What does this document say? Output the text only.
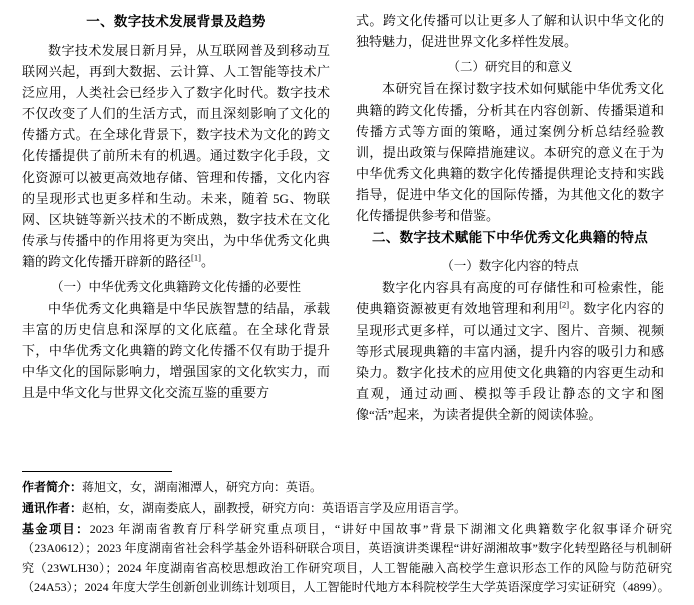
一、数字技术发展背景及趋势

数字技术发展日新月异，从互联网普及到移动互联网兴起，再到大数据、云计算、人工智能等技术广泛应用，人类社会已经步入了数字化时代。数字技术不仅改变了人们的生活方式，而且深刻影响了文化的传播方式。在全球化背景下，数字技术为文化的跨文化传播提供了前所未有的机遇。通过数字化手段，文化资源可以被更高效地存储、管理和传播，文化内容的呈现形式也更多样和生动。未来，随着 5G、物联网、区块链等新兴技术的不断成熟，数字技术在文化传承与传播中的作用将更为突出，为中华优秀文化典籍的跨文化传播开辟新的路径[1]。

（一）中华优秀文化典籍跨文化传播的必要性

中华优秀文化典籍是中华民族智慧的结晶，承载丰富的历史信息和深厚的文化底蕴。在全球化背景下，中华优秀文化典籍的跨文化传播不仅有助于提升中华文化的国际影响力，增强国家的文化软实力，而且是中华文化与世界文化交流互鉴的重要方

式。跨文化传播可以让更多人了解和认识中华文化的独特魅力，促进世界文化多样性发展。

（二）研究目的和意义

本研究旨在探讨数字技术如何赋能中华优秀文化典籍的跨文化传播，分析其在内容创新、传播渠道和传播方式等方面的策略，通过案例分析总结经验教训，提出政策与保障措施建议。本研究的意义在于为中华优秀文化典籍的数字化传播提供理论支持和实践指导，促进中华文化的国际传播，为其他文化的数字化传播提供参考和借鉴。

二、数字技术赋能下中华优秀文化典籍的特点
（一）数字化内容的特点

数字化内容具有高度的可存储性和可检索性，能使典籍资源被更有效地管理和利用[2]。数字化内容的呈现形式更多样，可以通过文字、图片、音频、视频等形式展现典籍的丰富内涵，提升内容的吸引力和感染力。数字化技术的应用使文化典籍的内容更生动和直观，通过动画、模拟等手段让静态的文字和图像“活”起来，为读者提供全新的阅读体验。

作者简介：蒋旭文，女，湖南湘潭人，研究方向：英语。

通讯作者：赵柏，女，湖南娄底人，副教授，研究方向：英语语言学及应用语言学。

基金项目：2023 年湖南省教育厅科学研究重点项目，“讲好中国故事”背景下湖湘文化典籍数字化叙事译介研究（23A0612）；2023 年度湖南省社会科学基金外语科研联合项目，英语演讲类课程“讲好湖湘故事”数字化转型路径与机制研究（23WLH30）；2024 年度湖南省高校思想政治工作研究项目，人工智能融入高校学生意识形态工作的风险与防范研究（24A53）；2024 年度大学生创新创业训练计划项目，人工智能时代地方本科院校学生大学英语深度学习实证研究（4899）。
